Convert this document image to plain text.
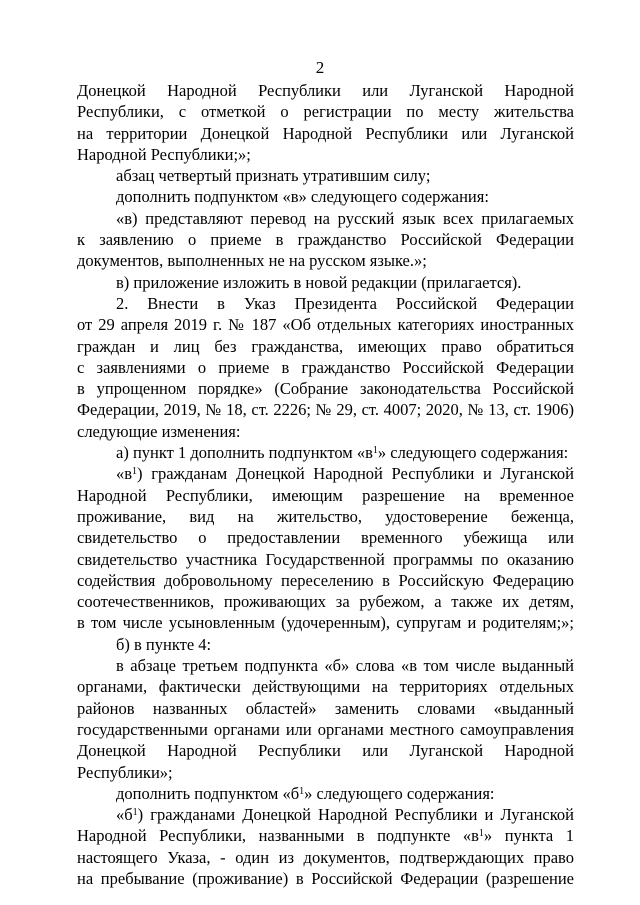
2
Донецкой Народной Республики или Луганской Народной
Республики, с отметкой о регистрации по месту жительства
на территории Донецкой Народной Республики или Луганской
Народной Республики;»;
абзац четвертый признать утратившим силу;
дополнить подпунктом «в» следующего содержания:
«в) представляют перевод на русский язык всех прилагаемых
к заявлению о приеме в гражданство Российской Федерации
документов, выполненных не на русском языке.»;
в) приложение изложить в новой редакции (прилагается).
2. Внести в Указ Президента Российской Федерации
от 29 апреля 2019 г. № 187 «Об отдельных категориях иностранных
граждан и лиц без гражданства, имеющих право обратиться
с заявлениями о приеме в гражданство Российской Федерации
в упрощенном порядке» (Собрание законодательства Российской
Федерации, 2019, № 18, ст. 2226; № 29, ст. 4007; 2020, № 13, ст. 1906)
следующие изменения:
а) пункт 1 дополнить подпунктом «$в^1$» следующего содержания:
«$в^1$) гражданам Донецкой Народной Республики и Луганской
Народной Республики, имеющим разрешение на временное
проживание, вид на жительство, удостоверение беженца,
свидетельство о предоставлении временного убежища или
свидетельство участника Государственной программы по оказанию
содействия добровольному переселению в Российскую Федерацию
соотечественников, проживающих за рубежом, а также их детям,
в том числе усыновленным (удочеренным), супругам и родителям;»;
б) в пункте 4:
в абзаце третьем подпункта «б» слова «в том числе выданный
органами, фактически действующими на территориях отдельных
районов названных областей» заменить словами «выданный
государственными органами или органами местного самоуправления
Донецкой Народной Республики или Луганской Народной
Республики»;
дополнить подпунктом «$б^1$» следующего содержания:
«$б^1$) гражданами Донецкой Народной Республики и Луганской
Народной Республики, названными в подпункте «$в^1$» пункта 1
настоящего Указа, - один из документов, подтверждающих право
на пребывание (проживание) в Российской Федерации (разрешение
